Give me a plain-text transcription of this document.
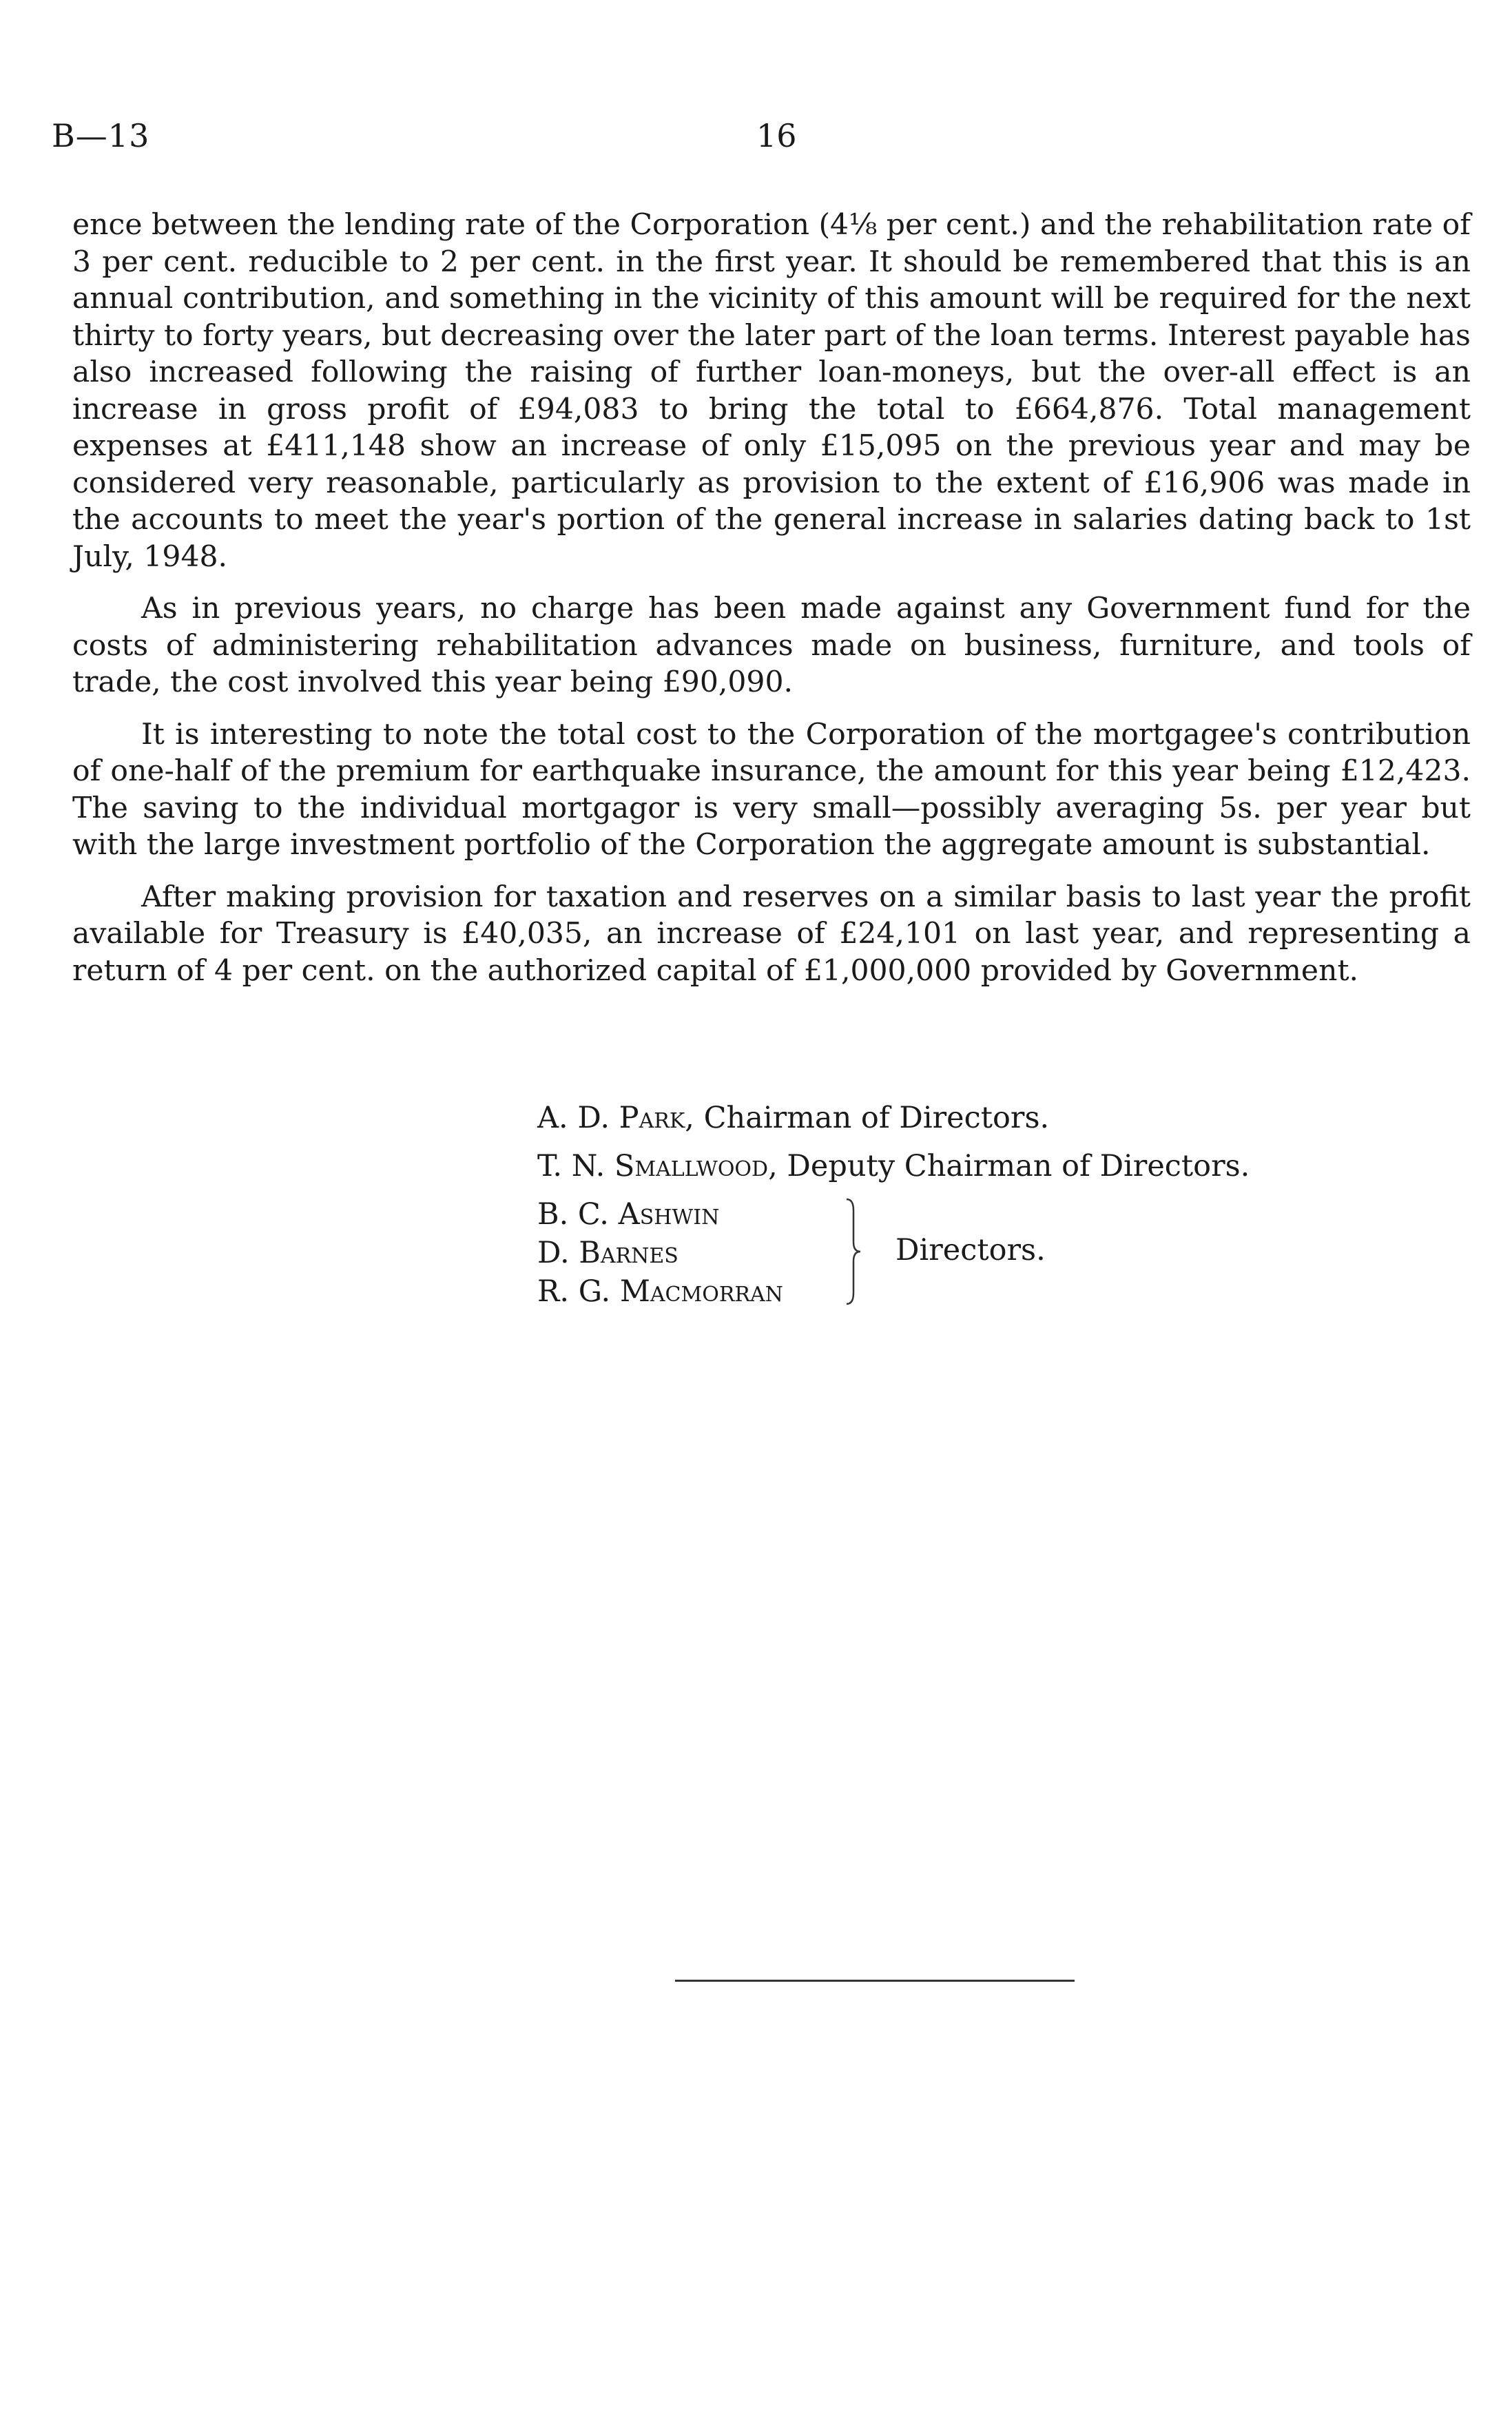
B—13	16

ence between the lending rate of the Corporation (4⅛ per cent.) and the rehabilitation rate of 3 per cent. reducible to 2 per cent. in the first year. It should be remembered that this is an annual contribution, and something in the vicinity of this amount will be required for the next thirty to forty years, but decreasing over the later part of the loan terms. Interest payable has also increased following the raising of further loan-moneys, but the over-all effect is an increase in gross profit of £94,083 to bring the total to £664,876. Total management expenses at £411,148 show an increase of only £15,095 on the previous year and may be considered very reasonable, particularly as provision to the extent of £16,906 was made in the accounts to meet the year's portion of the general increase in salaries dating back to 1st July, 1948.

As in previous years, no charge has been made against any Government fund for the costs of administering rehabilitation advances made on business, furniture, and tools of trade, the cost involved this year being £90,090.

It is interesting to note the total cost to the Corporation of the mortgagee's contribution of one-half of the premium for earthquake insurance, the amount for this year being £12,423. The saving to the individual mortgagor is very small—possibly averaging 5s. per year but with the large investment portfolio of the Corporation the aggregate amount is substantial.

After making provision for taxation and reserves on a similar basis to last year the profit available for Treasury is £40,035, an increase of £24,101 on last year, and representing a return of 4 per cent. on the authorized capital of £1,000,000 provided by Government.

A. D. Park, Chairman of Directors.
T. N. Smallwood, Deputy Chairman of Directors.
B. C. Ashwin
D. Barnes
R. G. Macmorran
Directors.
